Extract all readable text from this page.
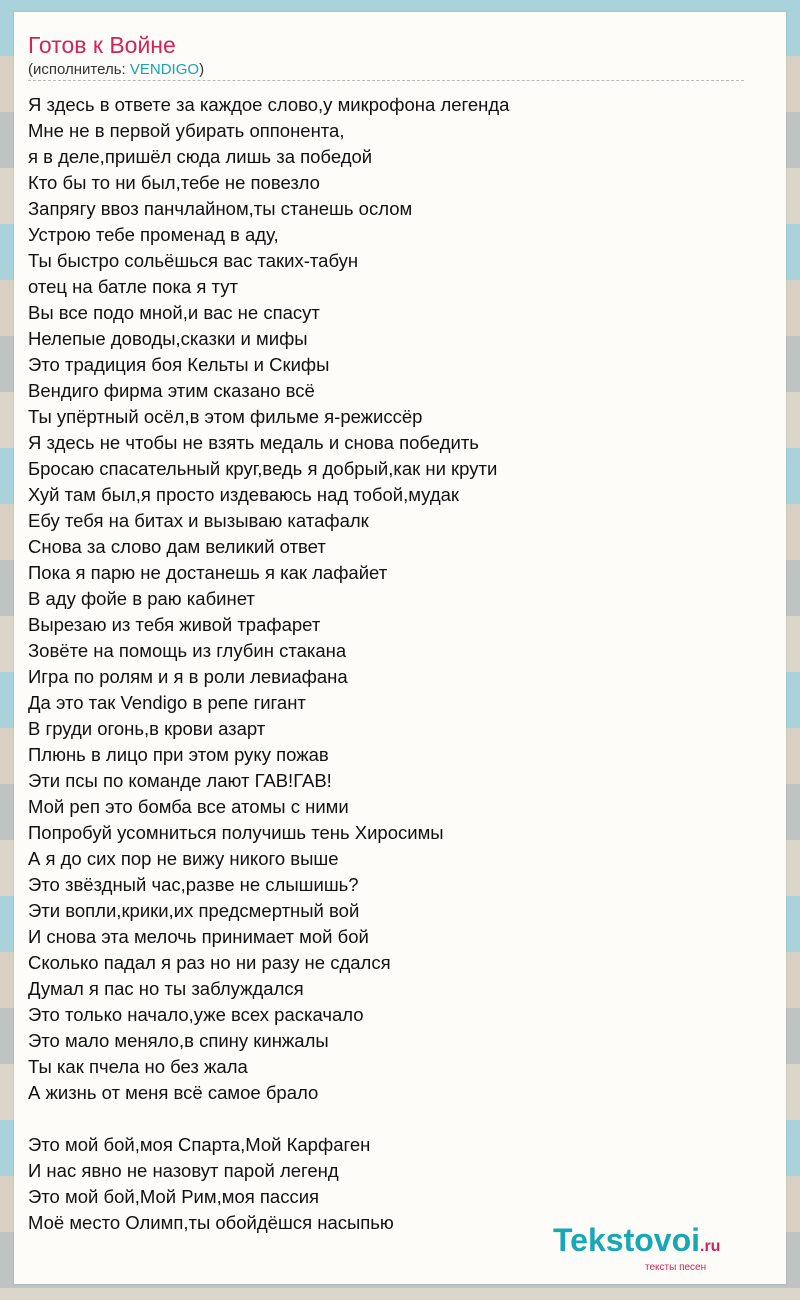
Готов к Войне
(исполнитель: VENDIGO)
Я здесь в ответе за каждое слово,у микрофона легенда
Мне не в первой убирать оппонента,
я в деле,пришёл сюда лишь за победой
Кто бы то ни был,тебе не повезло
Запрягу ввоз панчлайном,ты станешь ослом
Устрою тебе променад в аду,
Ты быстро сольёшься вас таких-табун
отец на батле пока я тут
Вы все подо мной,и вас не спасут
Нелепые доводы,сказки и мифы
Это традиция боя Кельты и Скифы
Вендиго фирма этим сказано всё
Ты упёртный осёл,в этом фильме я-режиссёр
Я здесь не чтобы не взять медаль и снова победить
Бросаю спасательный круг,ведь я добрый,как ни крути
Хуй там был,я просто издеваюсь над тобой,мудак
Ебу тебя на битах и вызываю катафалк
Снова за слово дам великий ответ
Пока я парю не достанешь я как лафайет
В аду фойе в раю кабинет
Вырезаю из тебя живой трафарет
Зовёте на помощь из глубин стакана
Игра по ролям и я в роли левиафана
Да это так Vendigo в репе гигант
В груди огонь,в крови азарт
Плюнь в лицо при этом руку пожав
Эти псы по команде лают ГАВ!ГАВ!
Мой реп это бомба все атомы с ними
Попробуй усомниться получишь тень Хиросимы
А я до сих пор не вижу никого выше
Это звёздный час,разве не слышишь?
Эти вопли,крики,их предсмертный вой
И снова эта мелочь принимает мой бой
Сколько падал я раз но ни разу не сдался
Думал я пас но ты заблуждался
Это только начало,уже всех раскачало
Это мало меняло,в спину кинжалы
Ты как пчела но без жала
А жизнь от меня всё самое брало
Это мой бой,моя Спарта,Мой Карфаген
И нас явно не назовут парой легенд
Это мой бой,Мой Рим,моя пассия
Моё место Олимп,ты обойдёшся насыпью	Tekstovoi.ru
тексты песен
